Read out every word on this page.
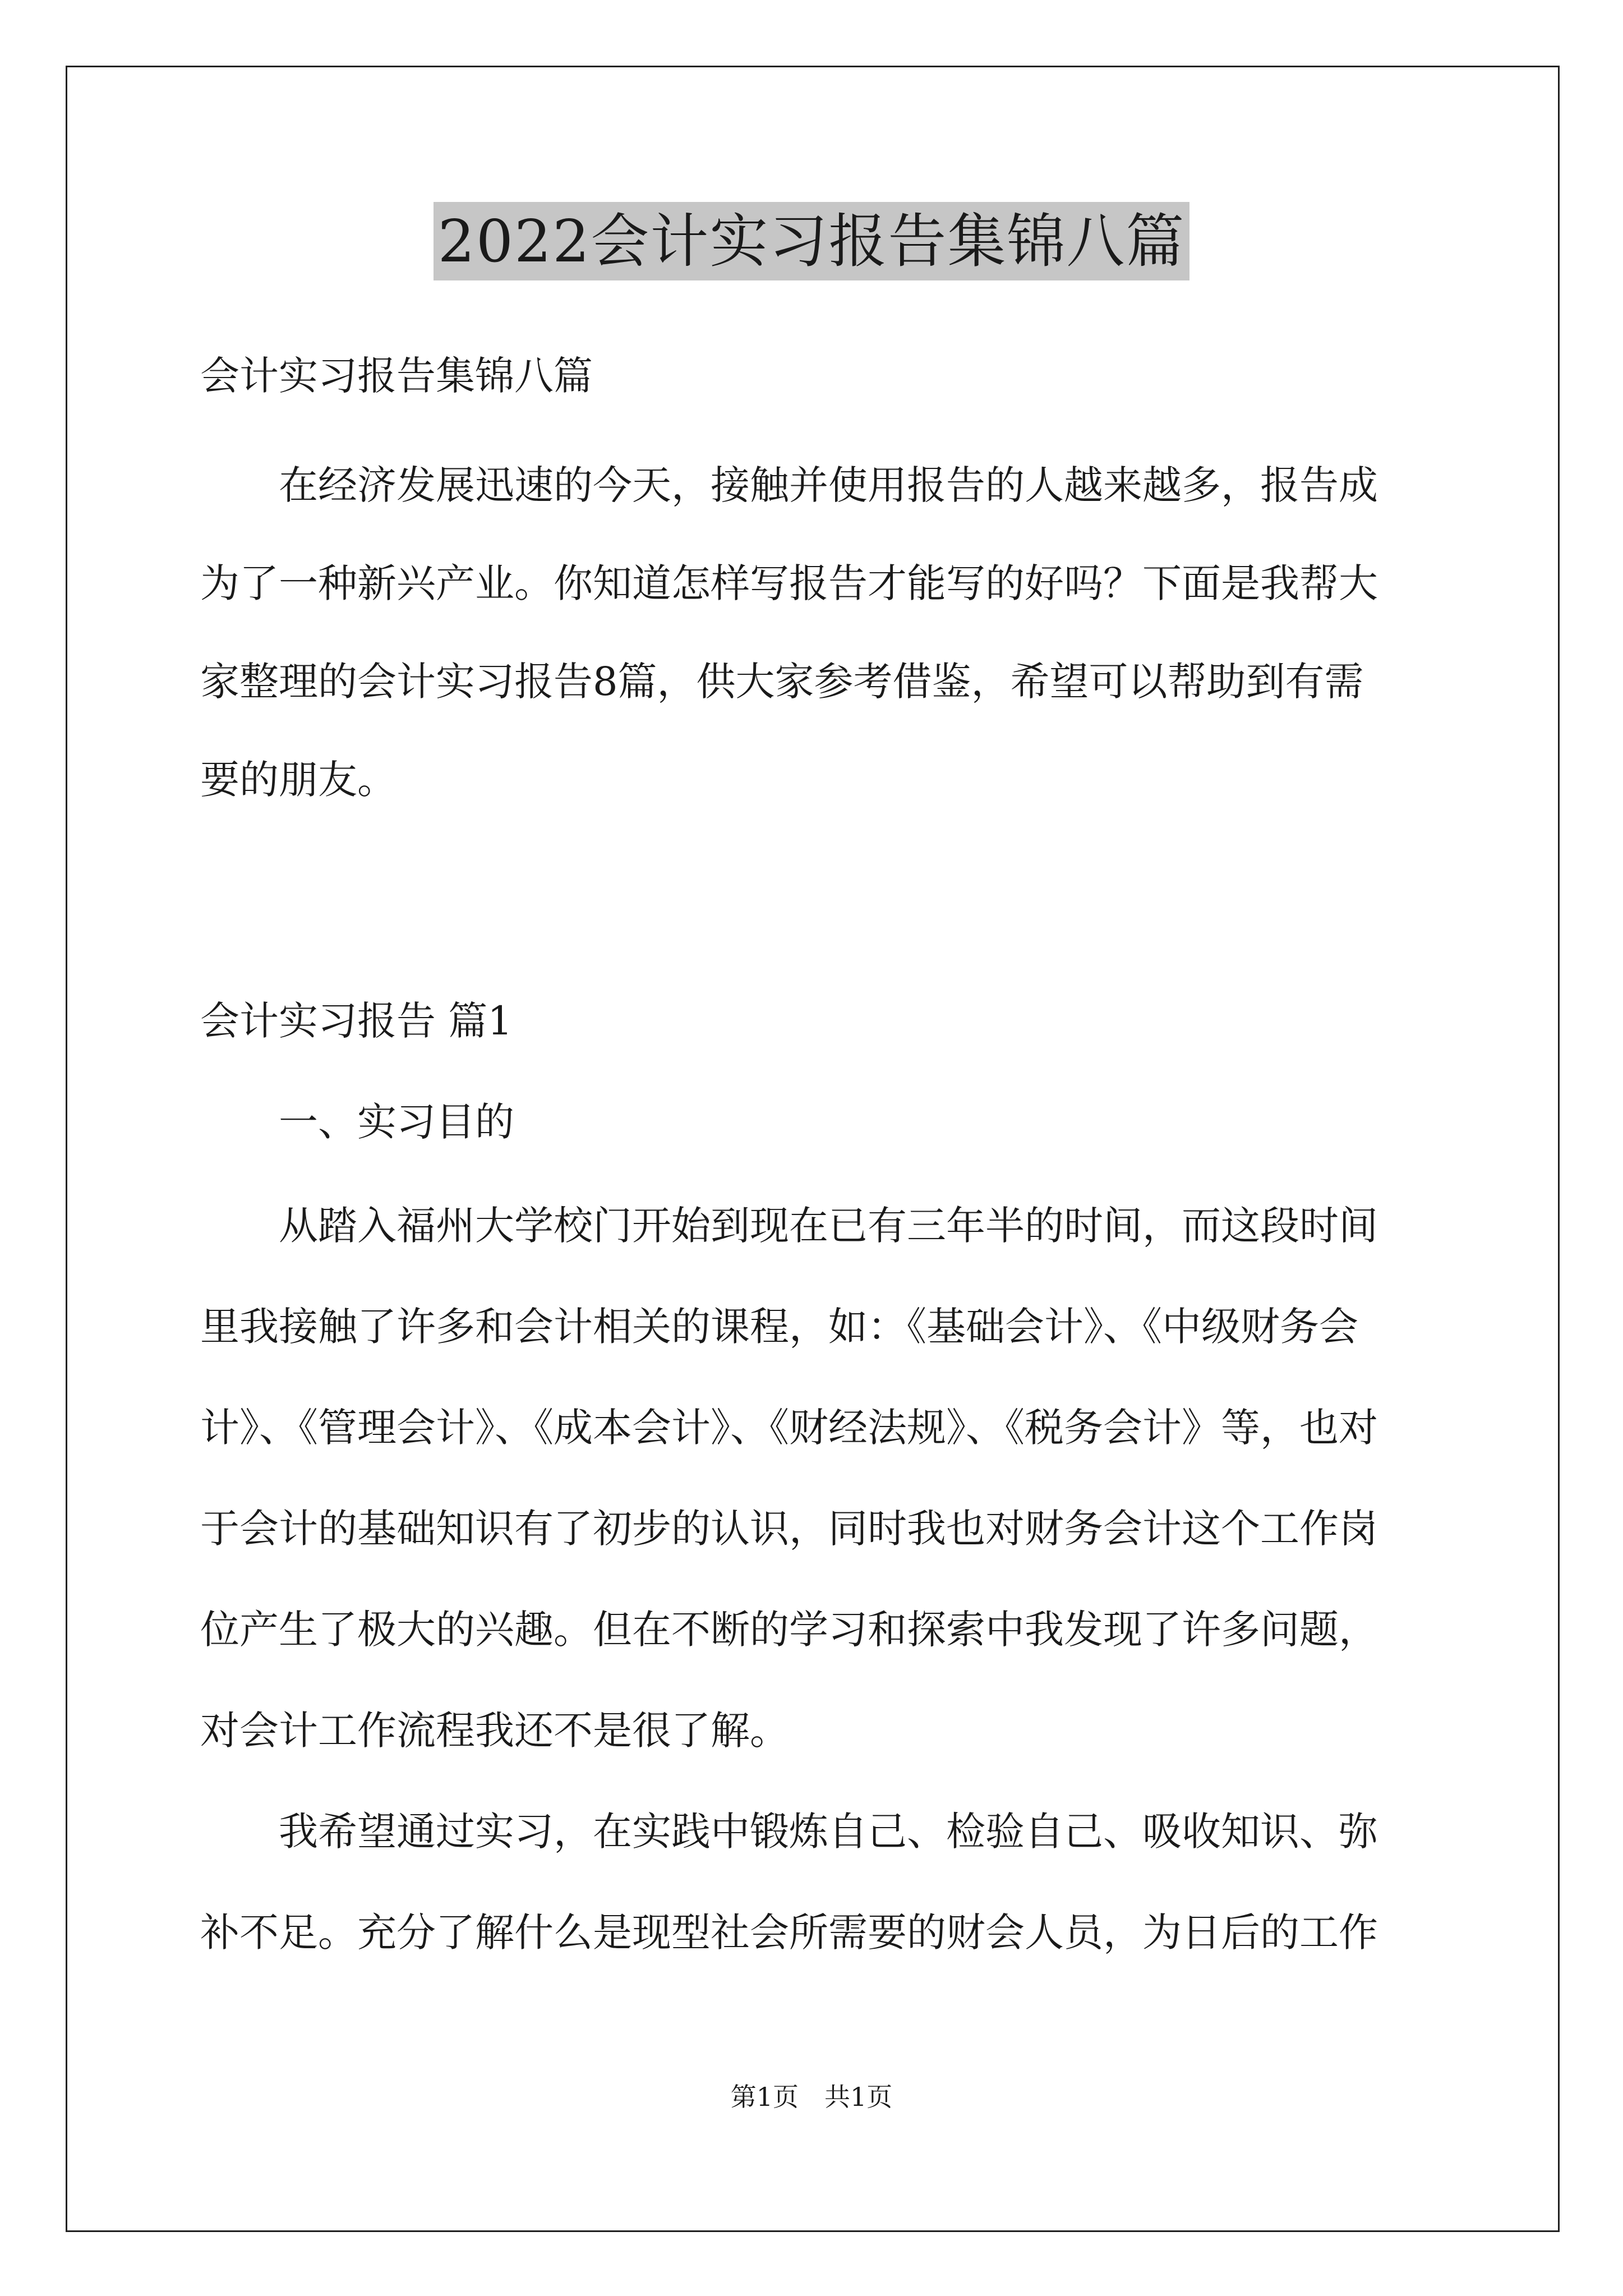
2022会计实习报告集锦八篇
会计实习报告集锦八篇
在经济发展迅速的今天，接触并使用报告的人越来越多，报告成
为了一种新兴产业。你知道怎样写报告才能写的好吗？下面是我帮大
家整理的会计实习报告8篇，供大家参考借鉴，希望可以帮助到有需
要的朋友。
会计实习报告 篇1
一、实习目的
从踏入福州大学校门开始到现在已有三年半的时间，而这段时间
里我接触了许多和会计相关的课程，如：《基础会计》、《中级财务会
计》、《管理会计》、《成本会计》、《财经法规》、《税务会计》等，也对
于会计的基础知识有了初步的认识，同时我也对财务会计这个工作岗
位产生了极大的兴趣。但在不断的学习和探索中我发现了许多问题，
对会计工作流程我还不是很了解。
我希望通过实习，在实践中锻炼自己、检验自己、吸收知识、弥
补不足。充分了解什么是现型社会所需要的财会人员，为日后的工作
第1页　共1页
